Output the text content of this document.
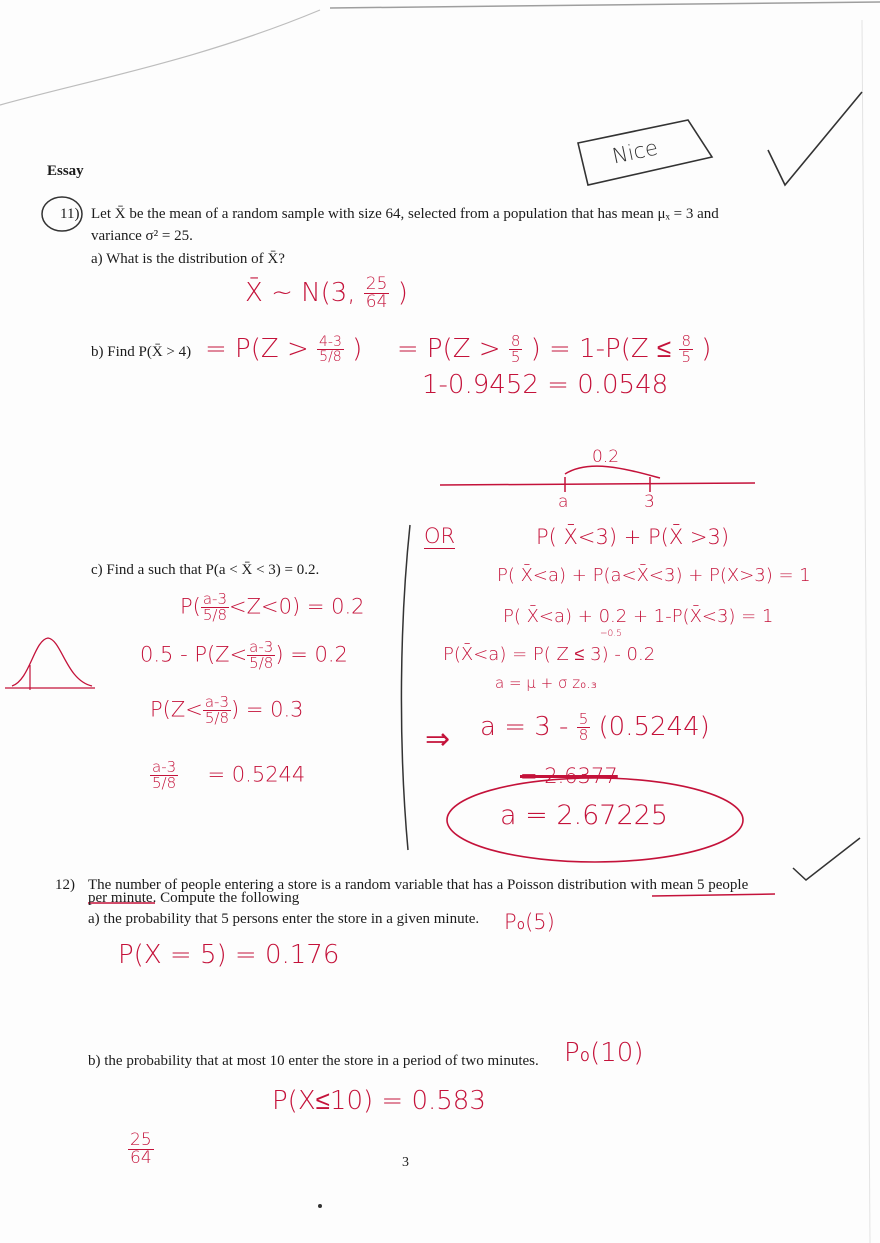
Essay
Nice
11) Let X̄ be the mean of a random sample with size 64, selected from a population that has mean μₓ = 3 and
variance σ² = 25.
a) What is the distribution of X̄?
X̄ ~ N(3, $\frac{25}{64}$ )
b) Find P(X̄ > $4) = P(Z > \frac{4-3}{5/8}$ ) = $P(Z > \frac{8}{5}$ ) = $1-P(Z \le \frac{8}{5}$ )
1-0.9452 = 0.0548
0.2
a	3
c) Find a such that P(a < X̄ < 3) = 0.2.
$P( \frac{a-3}{5/8} <Z<0) = 0.2$
$0.5 - P(Z< \frac{a-3}{5/8}$ ) = 0.2
$P(Z< \frac{a-3}{5/8}$ ) = 0.3
$\frac{a-3}{5/8} = 0.5244$
OR	P( X̄<3) + P(X̄ >3)
P( X̄<a) + P(a<X̄<3) + P(X>3) = 1
P( X̄<a) + 0.2 + 1-P(X̄<3) = 1
=0.5
P(X̄<a) = P( Z ≤ 3) - 0.2
a = μ + σ z₀.₃
⇒ $a = 3 - \frac{5}{8} (0.5244)$
= 2.6377
a = 2.67225
12) The number of people entering a store is a random variable that has a Poisson distribution with mean 5 people
per minute. Compute the following
a) the probability that 5 persons enter the store in a given minute. P₀(5)
P(X = 5) = 0.176
b) the probability that at most 10 enter the store in a period of two minutes. P₀(10)
P(X≤10) = 0.583
$\frac{25}{64}$	3
